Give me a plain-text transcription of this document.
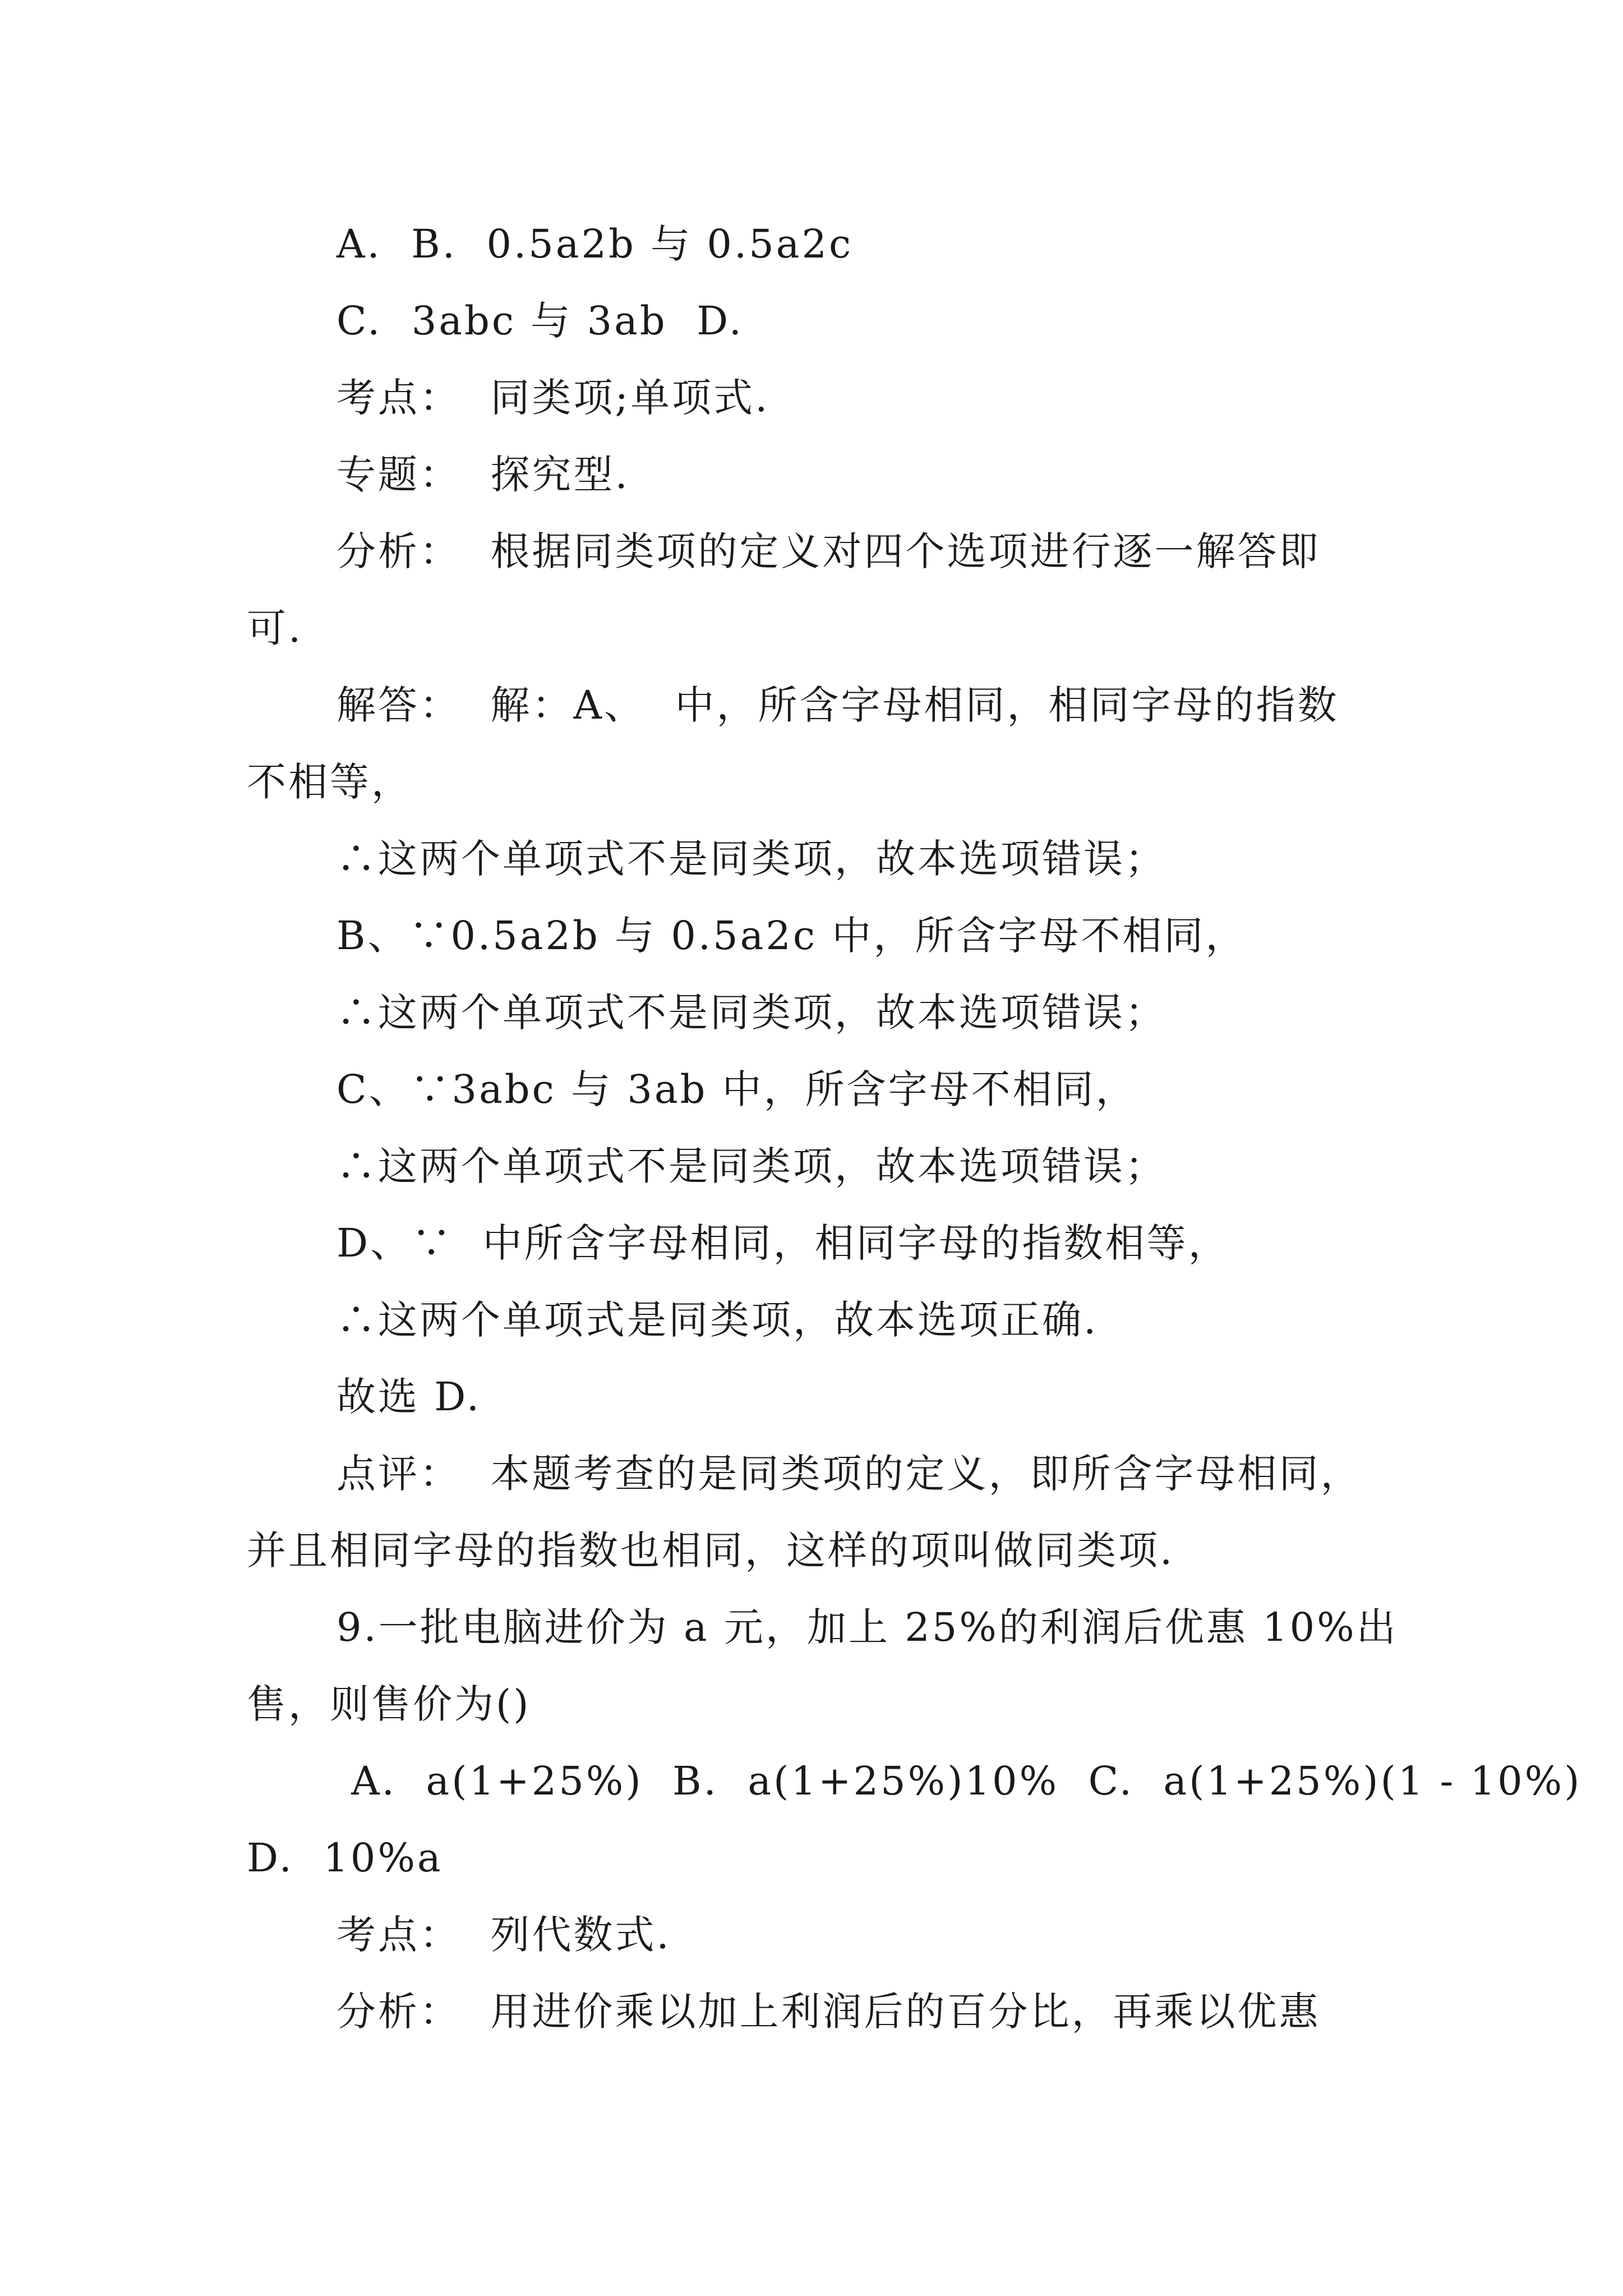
A.  B.  0.5a2b 与 0.5a2c
C.  3abc 与 3ab  D.
考点：  同类项;单项式.
专题：  探究型.
分析：  根据同类项的定义对四个选项进行逐一解答即
可.
解答：  解：A、  中，所含字母相同，相同字母的指数
不相等，
∴这两个单项式不是同类项，故本选项错误；
B、∵0.5a2b 与 0.5a2c 中，所含字母不相同，
∴这两个单项式不是同类项，故本选项错误；
C、∵3abc 与 3ab 中，所含字母不相同，
∴这两个单项式不是同类项，故本选项错误；
D、∵  中所含字母相同，相同字母的指数相等，
∴这两个单项式是同类项，故本选项正确.
故选 D.
点评：  本题考查的是同类项的定义，即所含字母相同，
并且相同字母的指数也相同，这样的项叫做同类项.
9.一批电脑进价为 a 元，加上 25%的利润后优惠 10%出
售，则售价为()
A.  a(1+25%)  B.  a(1+25%)10%  C.  a(1+25%)(1 - 10%)
D.  10%a
考点：  列代数式.
分析：  用进价乘以加上利润后的百分比，再乘以优惠
